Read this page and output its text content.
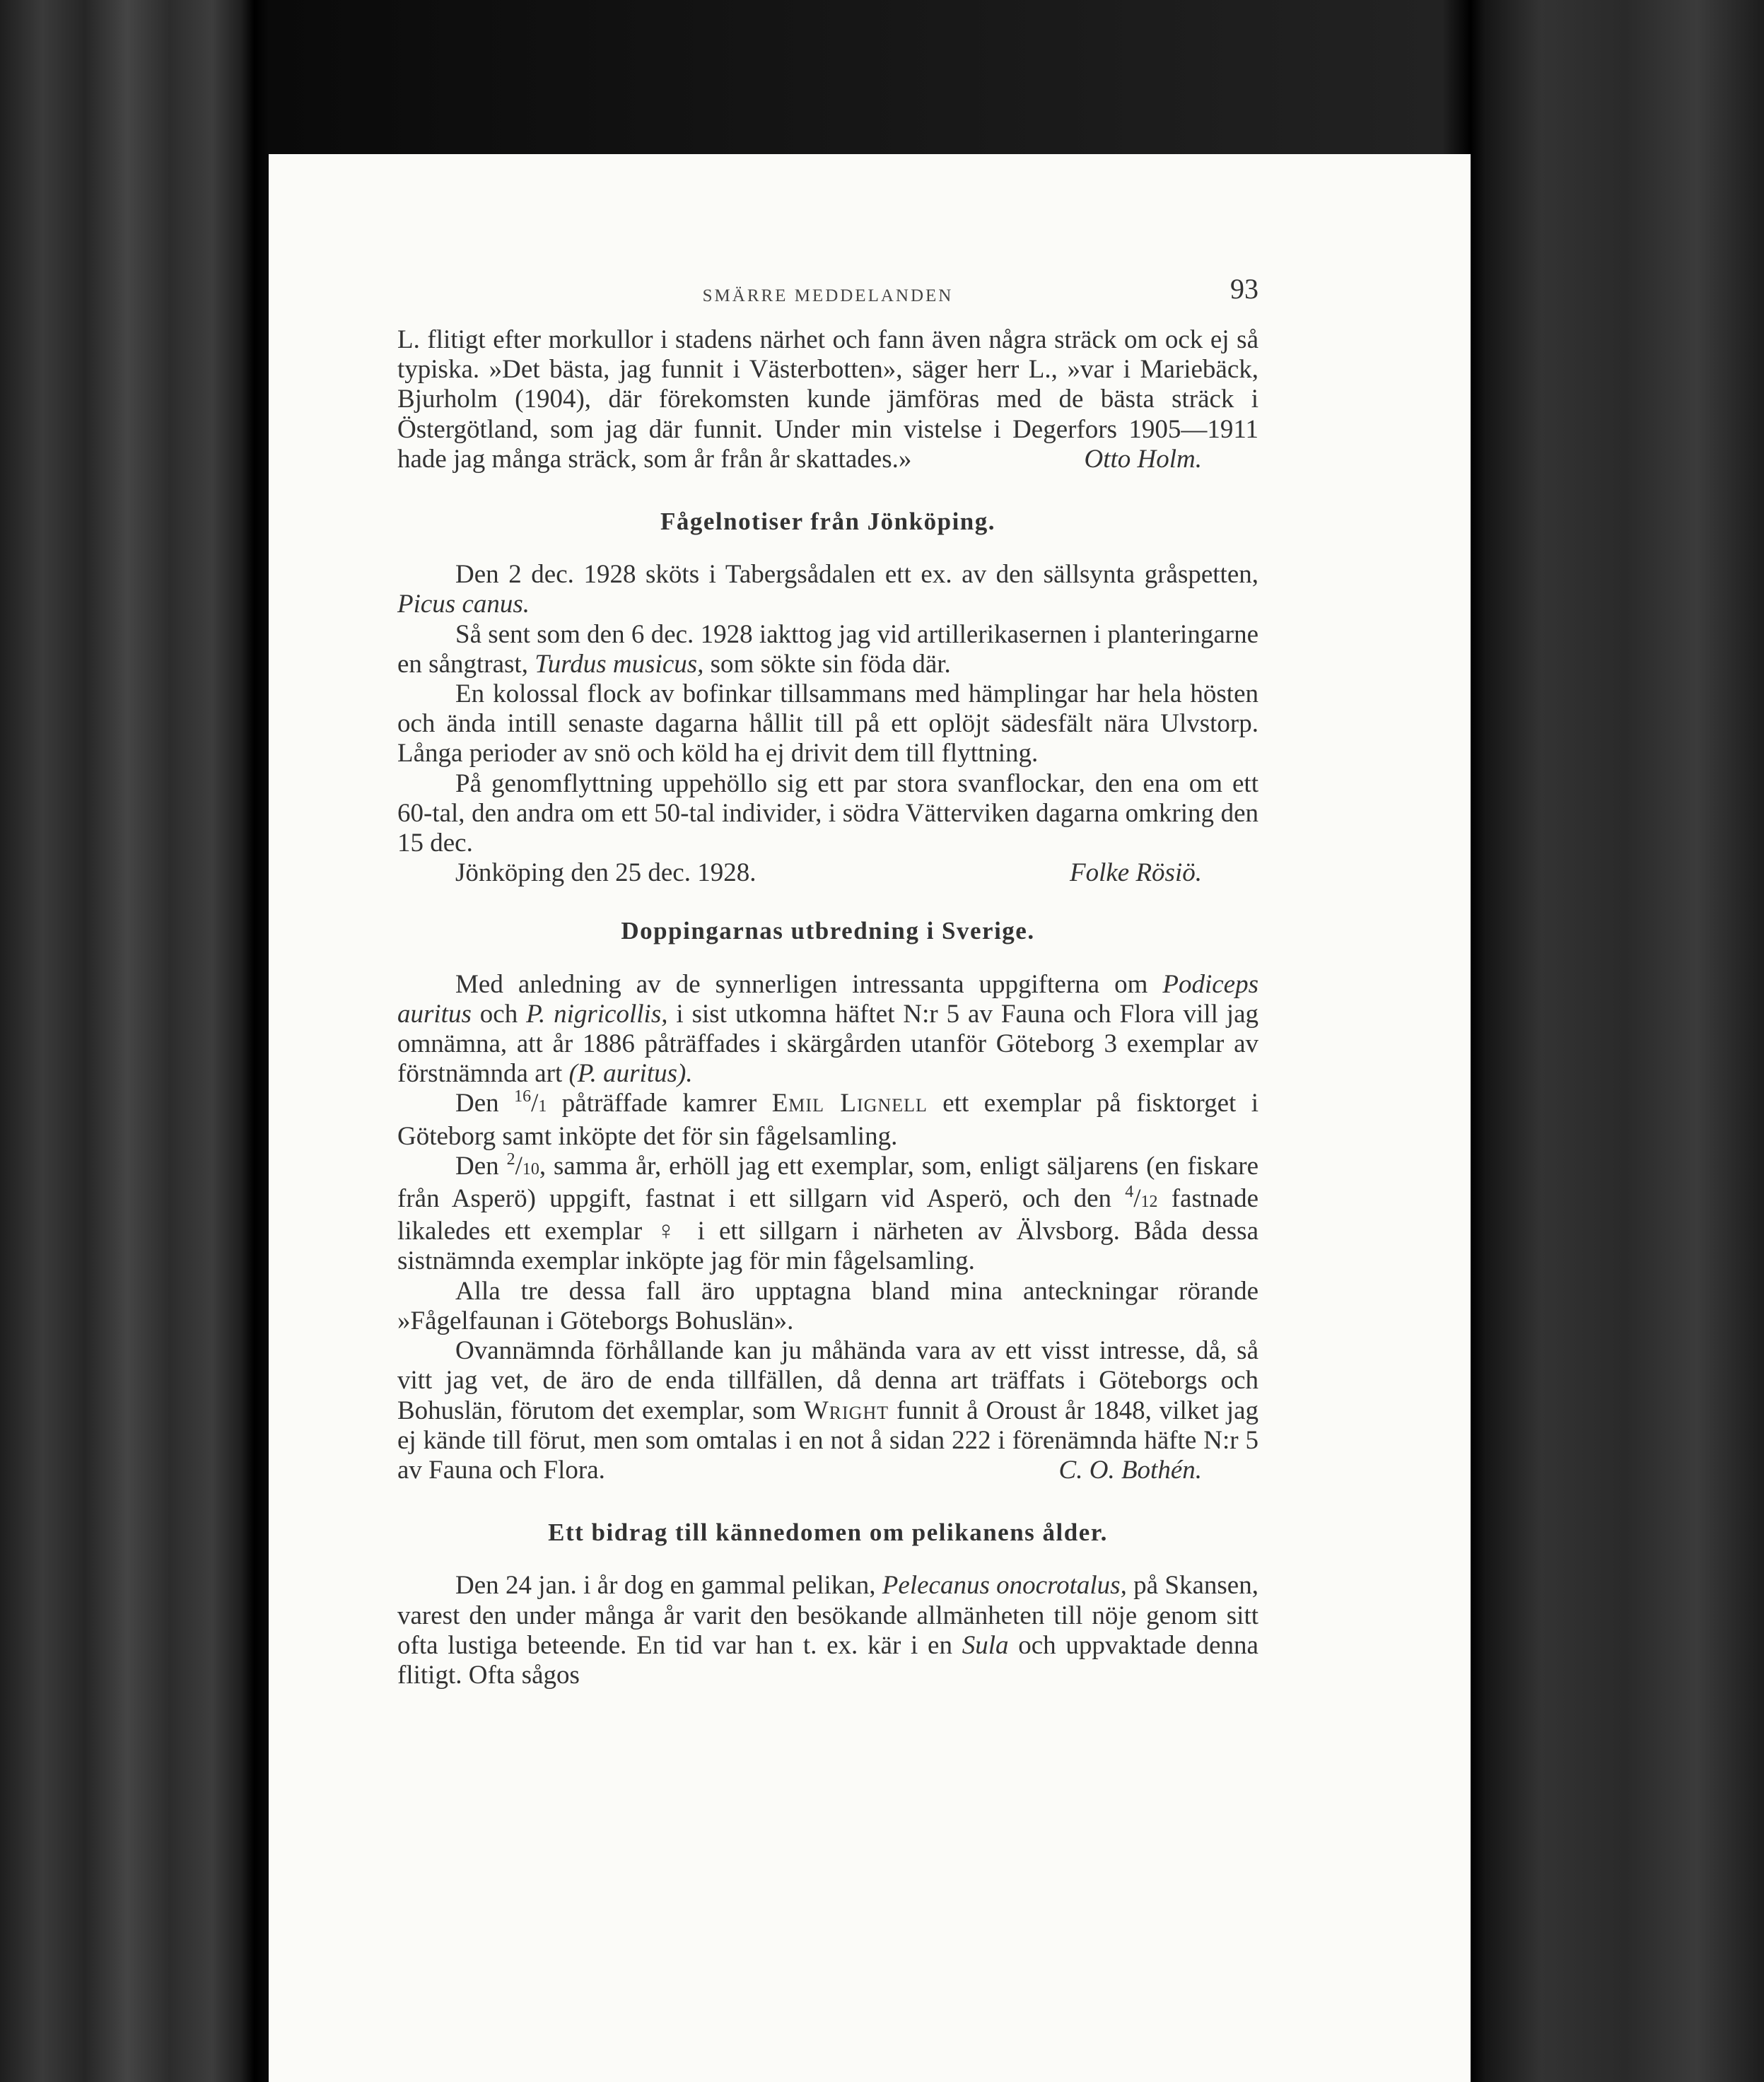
SMÄRRE MEDDELANDEN	93

L. flitigt efter morkullor i stadens närhet och fann även några sträck om ock ej så typiska. »Det bästa, jag funnit i Västerbotten», säger herr L., »var i Mariebäck, Bjurholm (1904), där förekomsten kunde jämföras med de bästa sträck i Östergötland, som jag där funnit. Under min vistelse i Degerfors 1905—1911 hade jag många sträck, som år från år skattades.»	Otto Holm.

Fågelnotiser från Jönköping.

Den 2 dec. 1928 sköts i Tabergsådalen ett ex. av den sällsynta gråspetten, Picus canus.

Så sent som den 6 dec. 1928 iakttog jag vid artillerikasernen i planteringarne en sångtrast, Turdus musicus, som sökte sin föda där.

En kolossal flock av bofinkar tillsammans med hämplingar har hela hösten och ända intill senaste dagarna hållit till på ett oplöjt sädesfält nära Ulvstorp. Långa perioder av snö och köld ha ej drivit dem till flyttning.

På genomflyttning uppehöllo sig ett par stora svanflockar, den ena om ett 60-tal, den andra om ett 50-tal individer, i södra Vätterviken dagarna omkring den 15 dec.

Jönköping den 25 dec. 1928.	Folke Rösiö.

Doppingarnas utbredning i Sverige.

Med anledning av de synnerligen intressanta uppgifterna om Podiceps auritus och P. nigricollis, i sist utkomna häftet N:r 5 av Fauna och Flora vill jag omnämna, att år 1886 påträffades i skärgården utanför Göteborg 3 exemplar av förstnämnda art (P. auritus).

Den $^{16}$/1 påträffade kamrer Emil Lignell ett exemplar på fisktorget i Göteborg samt inköpte det för sin fågelsamling.

Den $^2$/10, samma år, erhöll jag ett exemplar, som, enligt säljarens (en fiskare från Asperö) uppgift, fastnat i ett sillgarn vid Asperö, och den $^4$/12 fastnade likaledes ett exemplar ♀ i ett sillgarn i närheten av Älvsborg. Båda dessa sistnämnda exemplar inköpte jag för min fågelsamling.

Alla tre dessa fall äro upptagna bland mina anteckningar rörande »Fågelfaunan i Göteborgs Bohuslän».

Ovannämnda förhållande kan ju måhända vara av ett visst intresse, då, så vitt jag vet, de äro de enda tillfällen, då denna art träffats i Göteborgs och Bohuslän, förutom det exemplar, som Wright funnit å Oroust år 1848, vilket jag ej kände till förut, men som omtalas i en not å sidan 222 i förenämnda häfte N:r 5 av Fauna och Flora.	C. O. Bothén.

Ett bidrag till kännedomen om pelikanens ålder.

Den 24 jan. i år dog en gammal pelikan, Pelecanus onocrotalus, på Skansen, varest den under många år varit den besökande allmänheten till nöje genom sitt ofta lustiga beteende. En tid var han t. ex. kär i en Sula och uppvaktade denna flitigt. Ofta sågos
